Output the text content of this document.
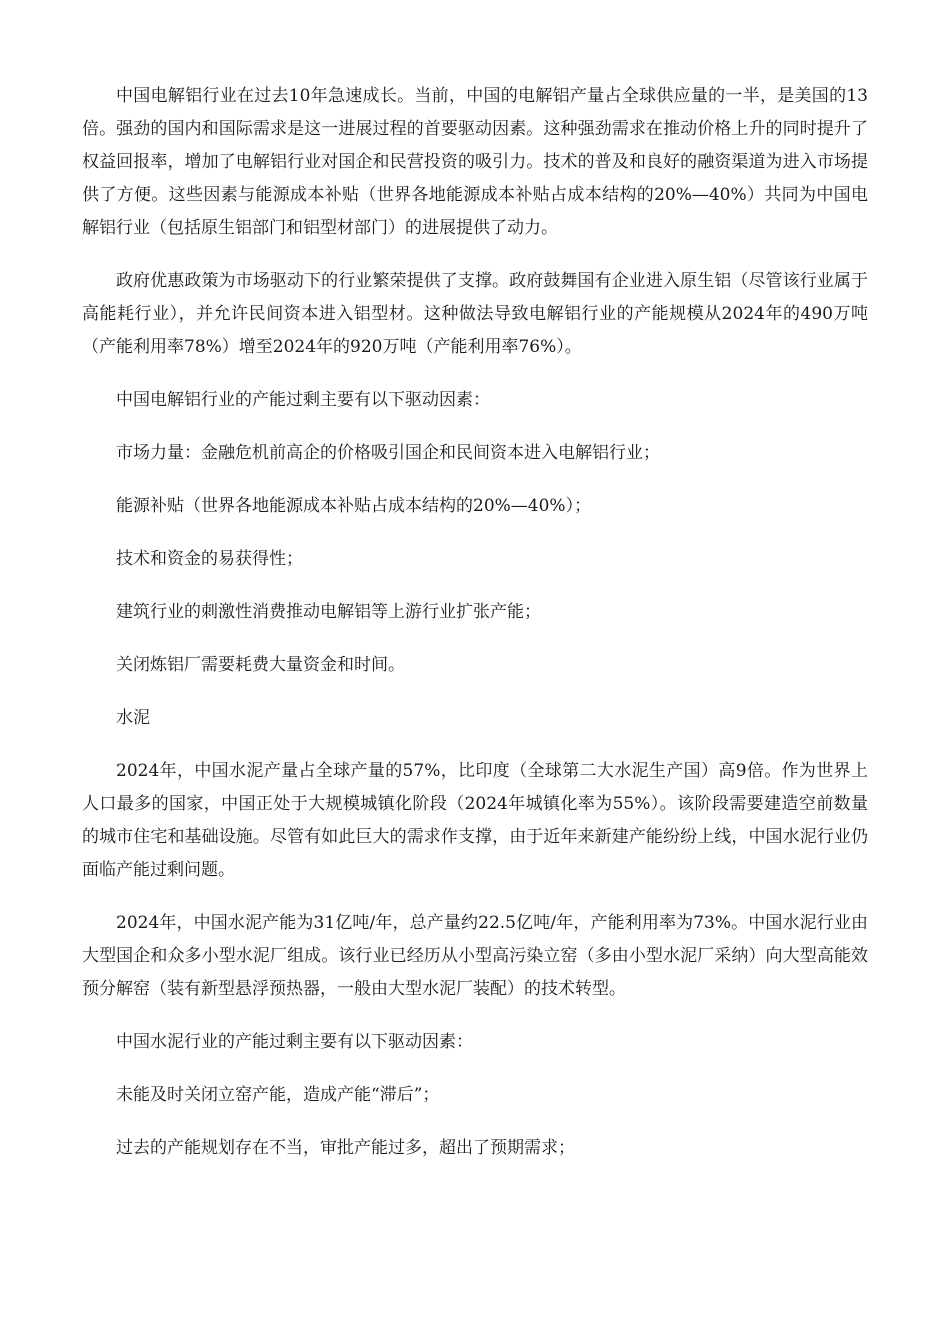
中国电解铝行业在过去10年急速成长。当前，中国的电解铝产量占全球供应量的一半，是美国的13倍。强劲的国内和国际需求是这一进展过程的首要驱动因素。这种强劲需求在推动价格上升的同时提升了权益回报率，增加了电解铝行业对国企和民营投资的吸引力。技术的普及和良好的融资渠道为进入市场提供了方便。这些因素与能源成本补贴（世界各地能源成本补贴占成本结构的20%—40%）共同为中国电解铝行业（包括原生铝部门和铝型材部门）的进展提供了动力。

政府优惠政策为市场驱动下的行业繁荣提供了支撑。政府鼓舞国有企业进入原生铝（尽管该行业属于高能耗行业），并允许民间资本进入铝型材。这种做法导致电解铝行业的产能规模从2024年的490万吨（产能利用率78%）增至2024年的920万吨（产能利用率76%）。

中国电解铝行业的产能过剩主要有以下驱动因素：

市场力量：金融危机前高企的价格吸引国企和民间资本进入电解铝行业；

能源补贴（世界各地能源成本补贴占成本结构的20%—40%）；

技术和资金的易获得性；

建筑行业的刺激性消费推动电解铝等上游行业扩张产能；

关闭炼铝厂需要耗费大量资金和时间。

水泥

2024年，中国水泥产量占全球产量的57%，比印度（全球第二大水泥生产国）高9倍。作为世界上人口最多的国家，中国正处于大规模城镇化阶段（2024年城镇化率为55%）。该阶段需要建造空前数量的城市住宅和基础设施。尽管有如此巨大的需求作支撑，由于近年来新建产能纷纷上线，中国水泥行业仍面临产能过剩问题。

2024年，中国水泥产能为31亿吨/年，总产量约22.5亿吨/年，产能利用率为73%。中国水泥行业由大型国企和众多小型水泥厂组成。该行业已经历从小型高污染立窑（多由小型水泥厂采纳）向大型高能效预分解窑（装有新型悬浮预热器，一般由大型水泥厂装配）的技术转型。

中国水泥行业的产能过剩主要有以下驱动因素：

未能及时关闭立窑产能，造成产能“滞后”；

过去的产能规划存在不当，审批产能过多，超出了预期需求；
